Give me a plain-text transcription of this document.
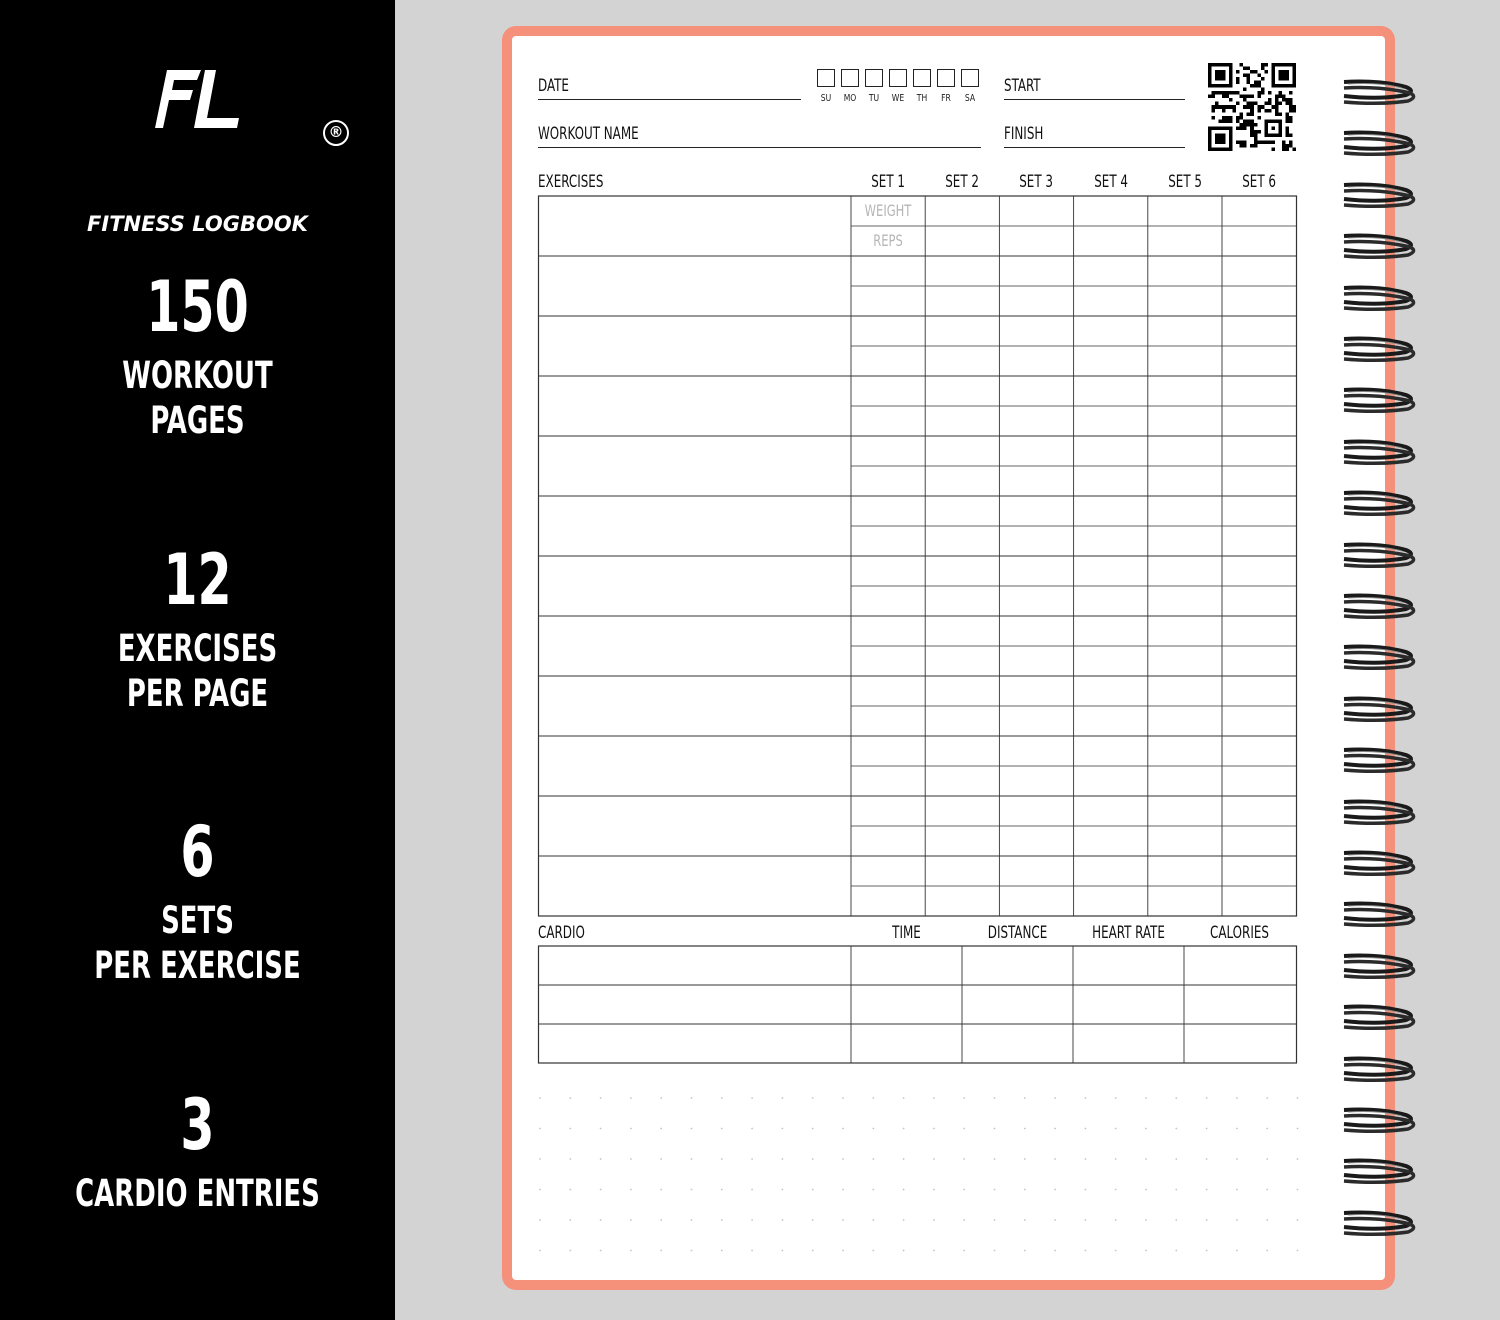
FITNESS LOGBOOK
®
150
WORKOUT
PAGES
12
EXERCISES
PER PAGE
6
SETS
PER EXERCISE
3
CARDIO ENTRIES
DATE
SU	MO	TU	WE	TH	FR	SA
START
WORKOUT NAME	FINISH
EXERCISES	SET 1	SET 2	SET 3	SET 4	SET 5	SET 6
WEIGHT
REPS
CARDIO	TIME	DISTANCE	HEART RATE	CALORIES
